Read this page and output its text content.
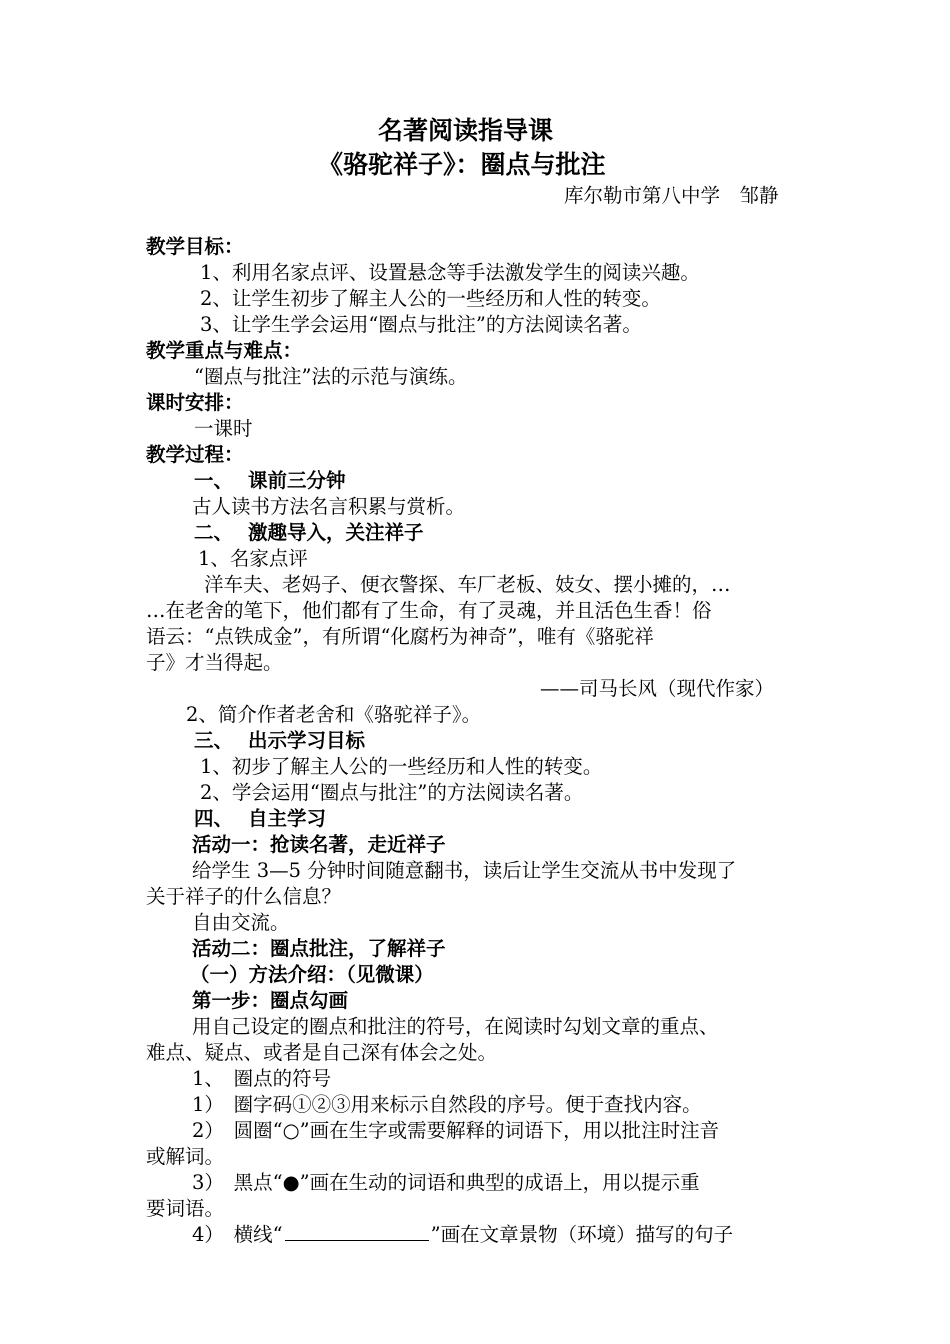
名著阅读指导课
《骆驼祥子》：圈点与批注
库尔勒市第八中学　邹静
教学目标：
1、利用名家点评、设置悬念等手法激发学生的阅读兴趣。
2、让学生初步了解主人公的一些经历和人性的转变。
3、让学生学会运用“圈点与批注”的方法阅读名著。
教学重点与难点：
“圈点与批注”法的示范与演练。
课时安排：
一课时
教学过程：
一、 课前三分钟
古人读书方法名言积累与赏析。
二、 激趣导入，关注祥子
1、名家点评
洋车夫、老妈子、便衣警探、车厂老板、妓女、摆小摊的，…
…在老舍的笔下，他们都有了生命，有了灵魂，并且活色生香！俗
语云：“点铁成金”，有所谓“化腐朽为神奇”，唯有《骆驼祥
子》才当得起。
——司马长风（现代作家）
2、简介作者老舍和《骆驼祥子》。
三、 出示学习目标
1、初步了解主人公的一些经历和人性的转变。
2、学会运用“圈点与批注”的方法阅读名著。
四、 自主学习
活动一：抢读名著，走近祥子
给学生 3—5 分钟时间随意翻书，读后让学生交流从书中发现了
关于祥子的什么信息？
自由交流。
活动二：圈点批注，了解祥子
（一）方法介绍：（见微课）
第一步：圈点勾画
用自己设定的圈点和批注的符号，在阅读时勾划文章的重点、
难点、疑点、或者是自己深有体会之处。
1、　圈点的符号
1）　圈字码①②③用来标示自然段的序号。便于查找内容。
2）　圆圈“○”画在生字或需要解释的词语下，用以批注时注音
或解词。
3）　黑点“●”画在生动的词语和典型的成语上，用以提示重
要词语。
4）　横线“	”画在文章景物（环境）描写的句子
